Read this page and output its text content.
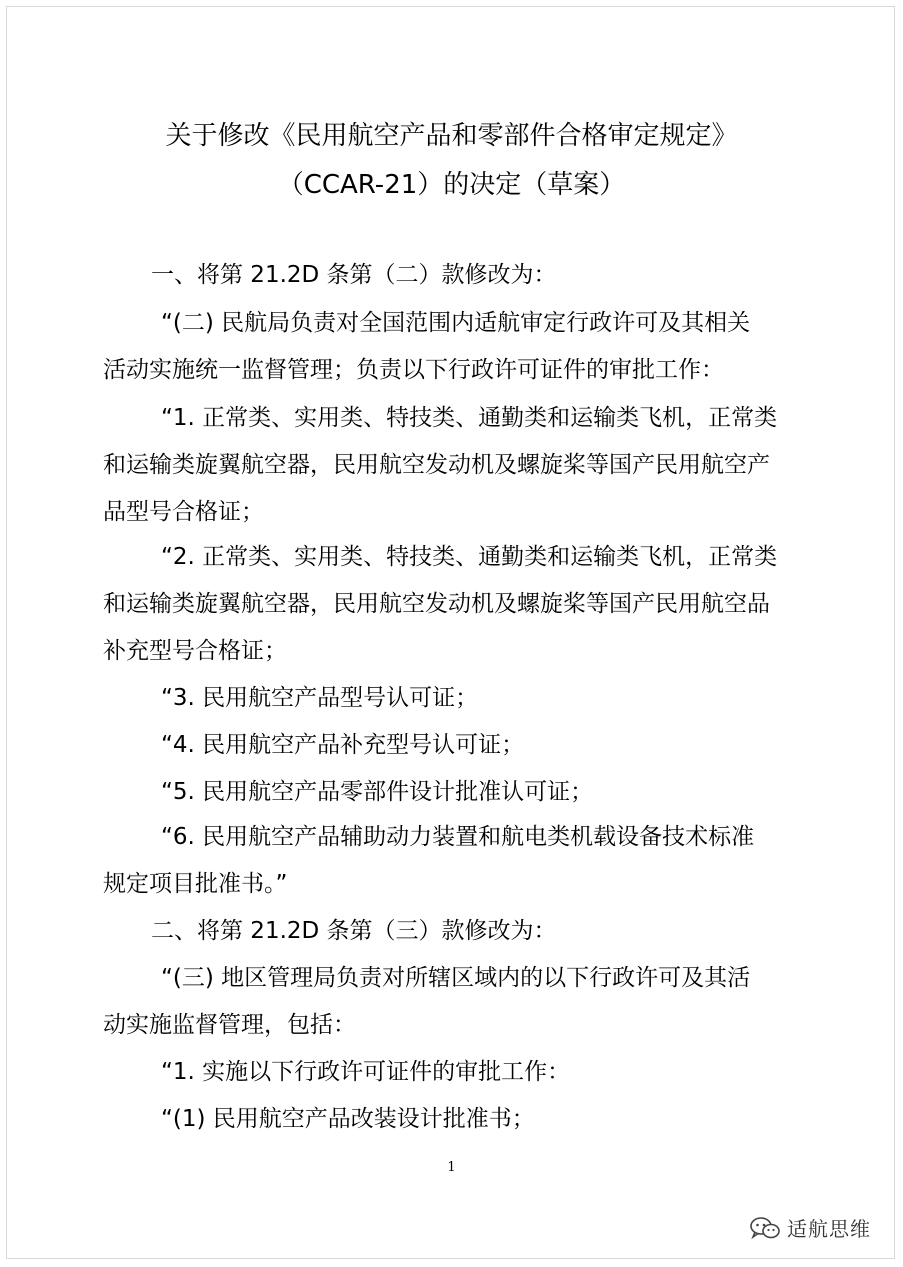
关于修改《民用航空产品和零部件合格审定规定》
（CCAR-21）的决定（草案）
一、将第 21.2D 条第（二）款修改为：
“(二) 民航局负责对全国范围内适航审定行政许可及其相关
活动实施统一监督管理；负责以下行政许可证件的审批工作：
“1. 正常类、实用类、特技类、通勤类和运输类飞机，正常类
和运输类旋翼航空器，民用航空发动机及螺旋桨等国产民用航空产
品型号合格证；
“2. 正常类、实用类、特技类、通勤类和运输类飞机，正常类
和运输类旋翼航空器，民用航空发动机及螺旋桨等国产民用航空品
补充型号合格证；
“3. 民用航空产品型号认可证；
“4. 民用航空产品补充型号认可证；
“5. 民用航空产品零部件设计批准认可证；
“6. 民用航空产品辅助动力装置和航电类机载设备技术标准
规定项目批准书。”
二、将第 21.2D 条第（三）款修改为：
“(三) 地区管理局负责对所辖区域内的以下行政许可及其活
动实施监督管理，包括：
“1. 实施以下行政许可证件的审批工作：
“(1) 民用航空产品改装设计批准书；
1
适航思维
